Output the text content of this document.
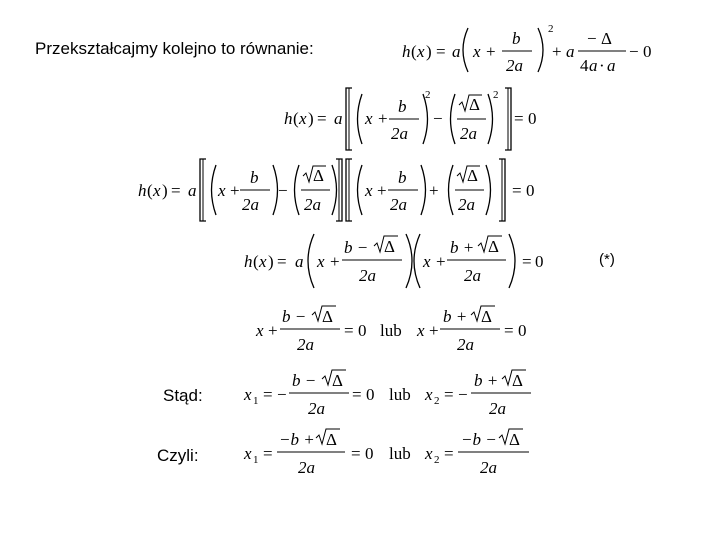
Przekształcajmy kolejno to równanie:
(*)
Stąd:
Czyli:
h ( x ) = a x +
b
2a
2
+ a
− Δ
4 a · a
− 0
h ( x ) = a x +
b
2a
2
−
Δ
2a
2
= 0
h ( x ) = a x +
b
2a
−
Δ
2a
x +
b
2a
+
Δ
2a
= 0
h ( x ) = a x +
b − Δ
2a
x +
b + Δ
2a
= 0
x +
b − Δ
2a
= 0 lub x +
b + Δ
2a
= 0
x 1 = −
b − Δ
2a
= 0 lub x 2 = −
b + Δ
2a
x 1 =
−b + Δ
2a
= 0 lub x 2 =
−b − Δ
2a
